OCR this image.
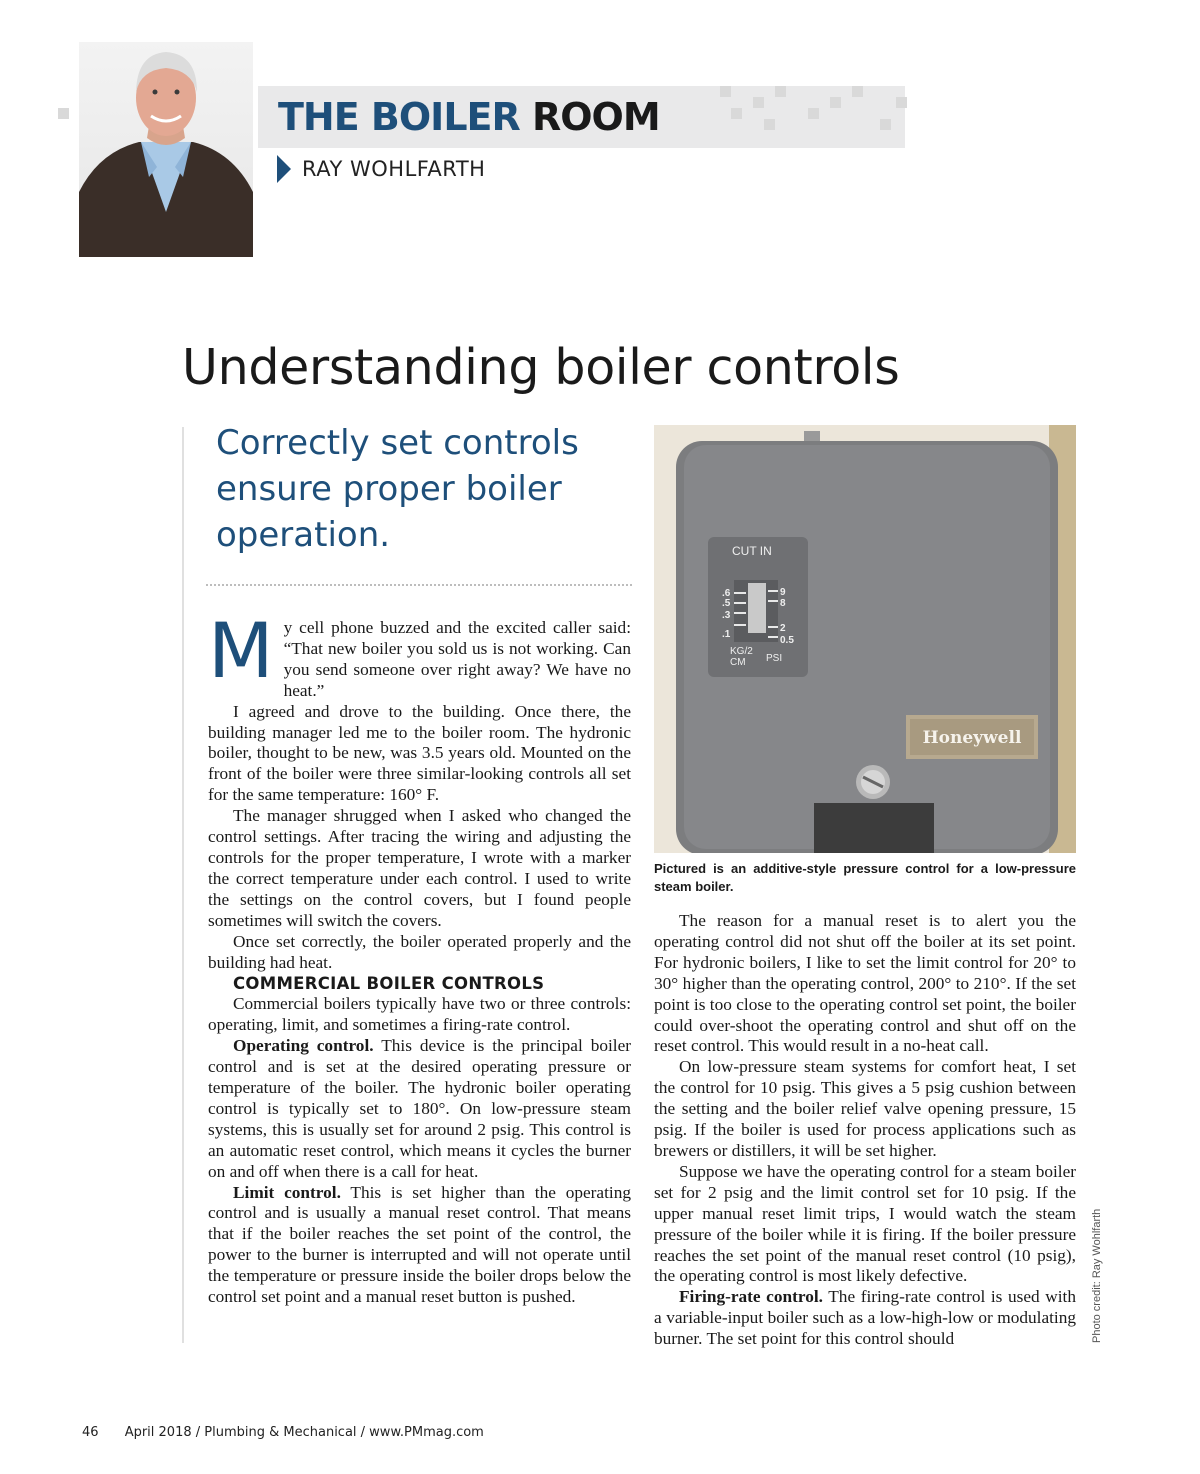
THE BOILER ROOM
RAY WOHLFARTH
Understanding boiler controls
Correctly set controls ensure proper boiler operation.

My cell phone buzzed and the excited caller said: “That new boiler you sold us is not working. Can you send someone over right away? We have no heat.”

I agreed and drove to the building. Once there, the building manager led me to the boiler room. The hydronic boiler, thought to be new, was 3.5 years old. Mounted on the front of the boiler were three similar-looking controls all set for the same temperature: 160° F.

The manager shrugged when I asked who changed the control settings. After tracing the wiring and adjusting the controls for the proper temperature, I wrote with a marker the correct temperature under each control. I used to write the settings on the control covers, but I found people sometimes will switch the covers.

Once set correctly, the boiler operated properly and the building had heat.

COMMERCIAL BOILER CONTROLS

Commercial boilers typically have two or three controls: operating, limit, and sometimes a firing-rate control.

Operating control. This device is the principal boiler control and is set at the desired operating pressure or temperature of the boiler. The hydronic boiler operating control is typically set to 180°. On low-pressure steam systems, this is usually set for around 2 psig. This control is an automatic reset control, which means it cycles the burner on and off when there is a call for heat.

Limit control. This is set higher than the operating control and is usually a manual reset control. That means that if the boiler reaches the set point of the control, the power to the burner is interrupted and will not operate until the temperature or pressure inside the boiler drops below the control set point and a manual reset button is pushed.

CUT IN
.6
.5
.3
.1
9
8
2
0.5
KG/2
CM PSI
Honeywell
Pictured is an additive-style pressure control for a low-pressure steam boiler.
Photo credit: Ray Wohlfarth

The reason for a manual reset is to alert you the operating control did not shut off the boiler at its set point. For hydronic boilers, I like to set the limit control for 20° to 30° higher than the operating control, 200° to 210°. If the set point is too close to the operating control set point, the boiler could over-shoot the operating control and shut off on the reset control. This would result in a no-heat call.

On low-pressure steam systems for comfort heat, I set the control for 10 psig. This gives a 5 psig cushion between the setting and the boiler relief valve opening pressure, 15 psig. If the boiler is used for process applications such as brewers or distillers, it will be set higher.

Suppose we have the operating control for a steam boiler set for 2 psig and the limit control set for 10 psig. If the upper manual reset limit trips, I would watch the steam pressure of the boiler while it is firing. If the boiler pressure reaches the set point of the manual reset control (10 psig), the operating control is most likely defective.

Firing-rate control. The firing-rate control is used with a variable-input boiler such as a low-high-low or modulating burner. The set point for this control should

46 April 2018 / Plumbing & Mechanical / www.PMmag.com
